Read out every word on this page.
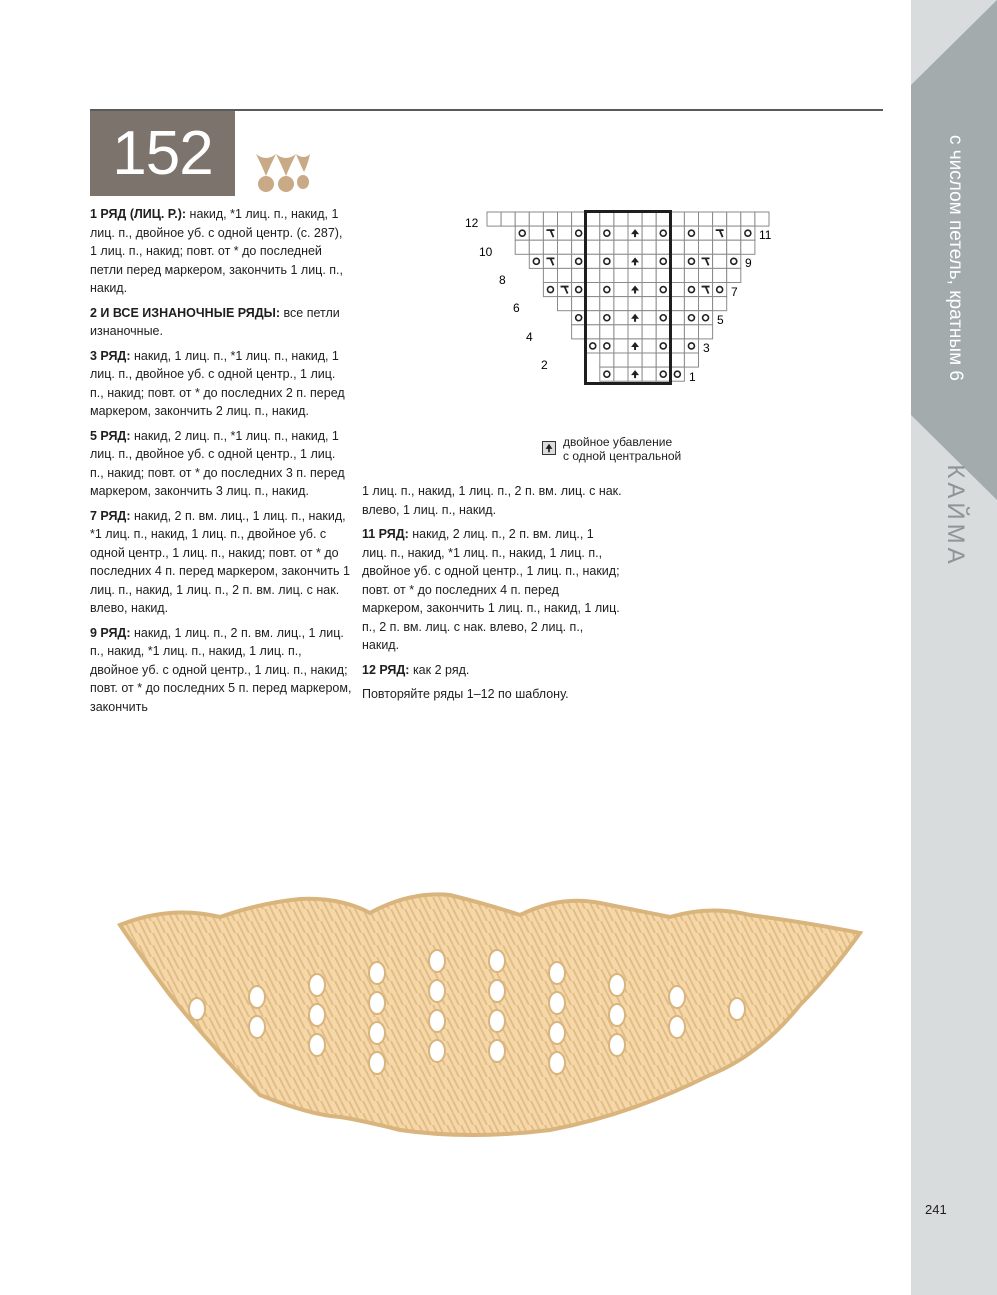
152	с числом петель, кратным 6
КАЙМА

1 РЯД (ЛИЦ. Р.): накид, *1 лиц. п., накид, 1 лиц. п., двойное уб. с одной центр. (с. 287), 1 лиц. п., накид; повт. от * до последней петли перед маркером, закончить 1 лиц. п., накид.

2 И ВСЕ ИЗНАНОЧНЫЕ РЯДЫ: все петли изнаночные.

3 РЯД: накид, 1 лиц. п., *1 лиц. п., накид, 1 лиц. п., двойное уб. с одной центр., 1 лиц. п., накид; повт. от * до последних 2 п. перед маркером, закончить 2 лиц. п., накид.

5 РЯД: накид, 2 лиц. п., *1 лиц. п., накид, 1 лиц. п., двойное уб. с одной центр., 1 лиц. п., накид; повт. от * до последних 3 п. перед маркером, закончить 3 лиц. п., накид.

7 РЯД: накид, 2 п. вм. лиц., 1 лиц. п., накид, *1 лиц. п., накид, 1 лиц. п., двойное уб. с одной центр., 1 лиц. п., накид; повт. от * до последних 4 п. перед маркером, закончить 1 лиц. п., накид, 1 лиц. п., 2 п. вм. лиц. с нак. влево, накид.

9 РЯД: накид, 1 лиц. п., 2 п. вм. лиц., 1 лиц. п., накид, *1 лиц. п., накид, 1 лиц. п., двойное уб. с одной центр., 1 лиц. п., накид; повт. от * до последних 5 п. перед маркером, закончить

1 лиц. п., накид, 1 лиц. п., 2 п. вм. лиц. с нак. влево, 1 лиц. п., накид.

11 РЯД: накид, 2 лиц. п., 2 п. вм. лиц., 1 лиц. п., накид, *1 лиц. п., накид, 1 лиц. п., двойное уб. с одной центр., 1 лиц. п., накид; повт. от * до последних 4 п. перед маркером, закончить 1 лиц. п., накид, 1 лиц. п., 2 п. вм. лиц. с нак. влево, 2 лиц. п., накид.

12 РЯД: как 2 ряд.

Повторяйте ряды 1–12 по шаблону.

12
10
8
6
4
2
11
9
7
5
3
1
двойное убавление
с одной центральной
241
